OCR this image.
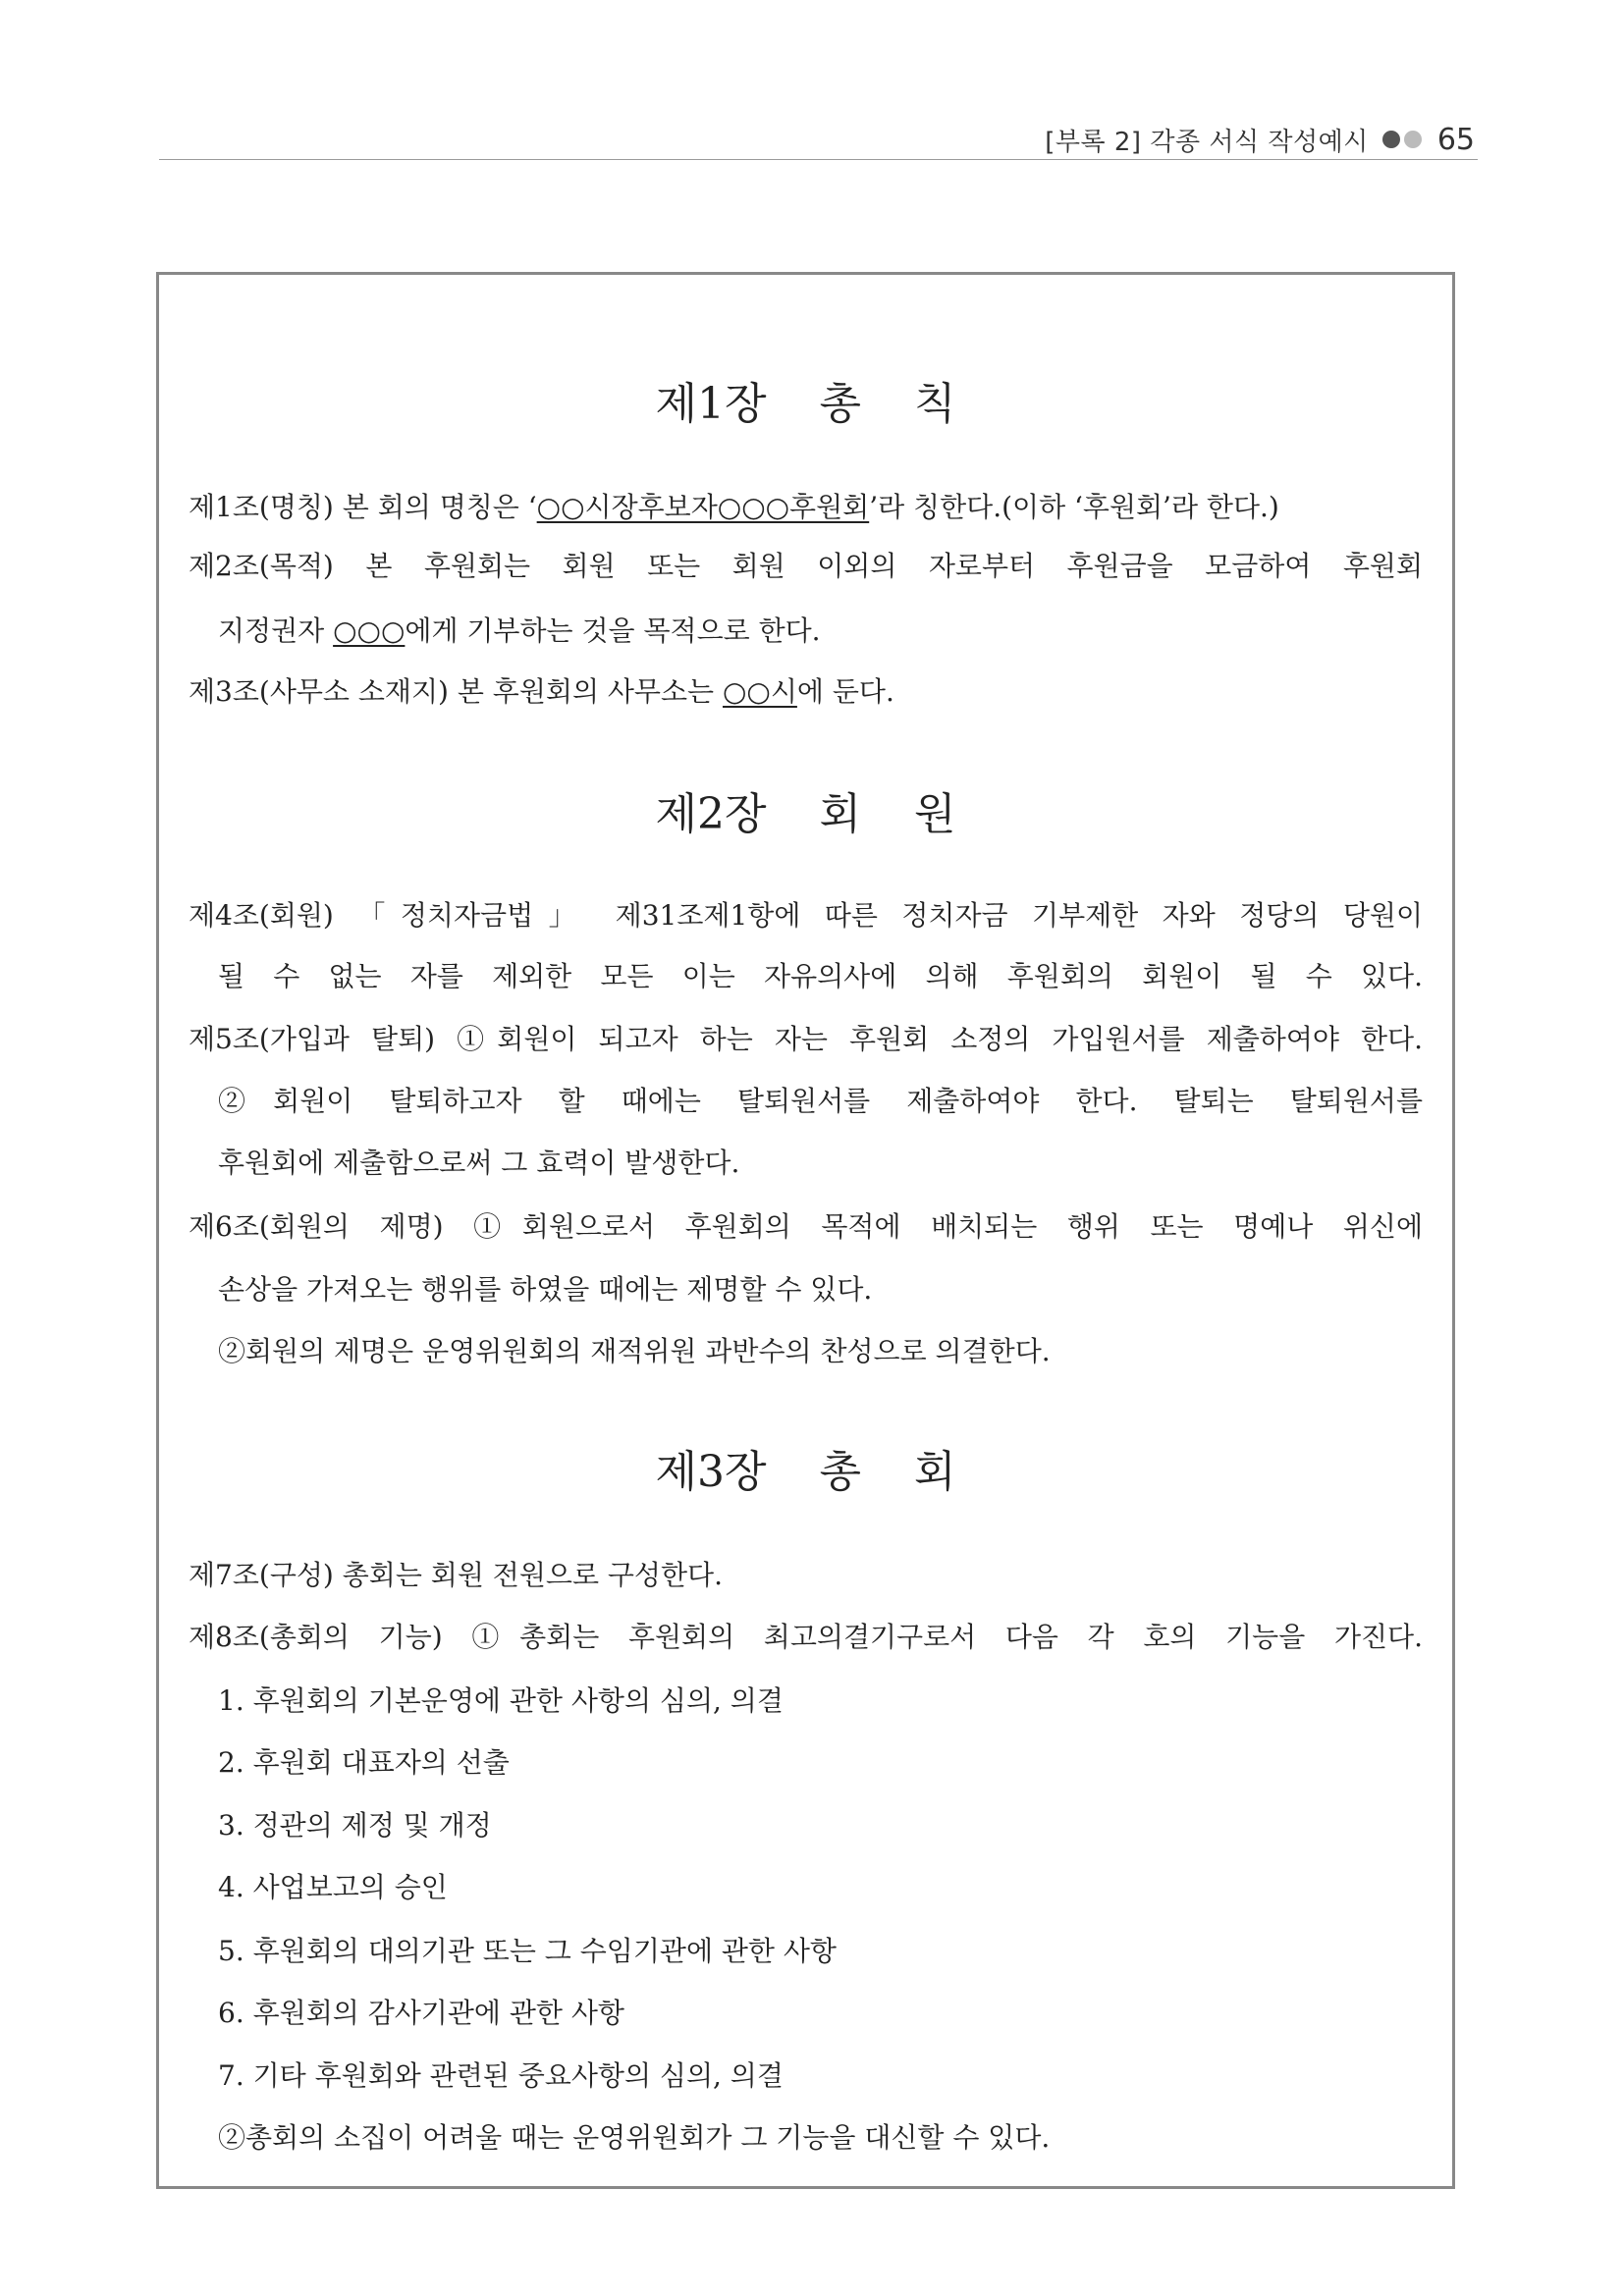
[부록 2] 각종 서식 작성예시 65
제1장 총 칙
제1조(명칭) 본 회의 명칭은 ‘○○시장후보자○○○후원회’라 칭한다.(이하 ‘후원회’라 한다.)
제2조(목적) 본 후원회는 회원 또는 회원 이외의 자로부터 후원금을 모금하여 후원회
지정권자 ○○○에게 기부하는 것을 목적으로 한다.
제3조(사무소 소재지) 본 후원회의 사무소는 ○○시에 둔다.
제2장 회 원
제4조(회원) 「정치자금법」 제31조제1항에 따른 정치자금 기부제한 자와 정당의 당원이
될 수 없는 자를 제외한 모든 이는 자유의사에 의해 후원회의 회원이 될 수 있다.
제5조(가입과 탈퇴) ①회원이 되고자 하는 자는 후원회 소정의 가입원서를 제출하여야 한다.
②회원이 탈퇴하고자 할 때에는 탈퇴원서를 제출하여야 한다. 탈퇴는 탈퇴원서를
후원회에 제출함으로써 그 효력이 발생한다.
제6조(회원의 제명) ①회원으로서 후원회의 목적에 배치되는 행위 또는 명예나 위신에
손상을 가져오는 행위를 하였을 때에는 제명할 수 있다.
②회원의 제명은 운영위원회의 재적위원 과반수의 찬성으로 의결한다.
제3장 총 회
제7조(구성) 총회는 회원 전원으로 구성한다.
제8조(총회의 기능) ①총회는 후원회의 최고의결기구로서 다음 각 호의 기능을 가진다.
1. 후원회의 기본운영에 관한 사항의 심의, 의결
2. 후원회 대표자의 선출
3. 정관의 제정 및 개정
4. 사업보고의 승인
5. 후원회의 대의기관 또는 그 수임기관에 관한 사항
6. 후원회의 감사기관에 관한 사항
7. 기타 후원회와 관련된 중요사항의 심의, 의결
②총회의 소집이 어려울 때는 운영위원회가 그 기능을 대신할 수 있다.
